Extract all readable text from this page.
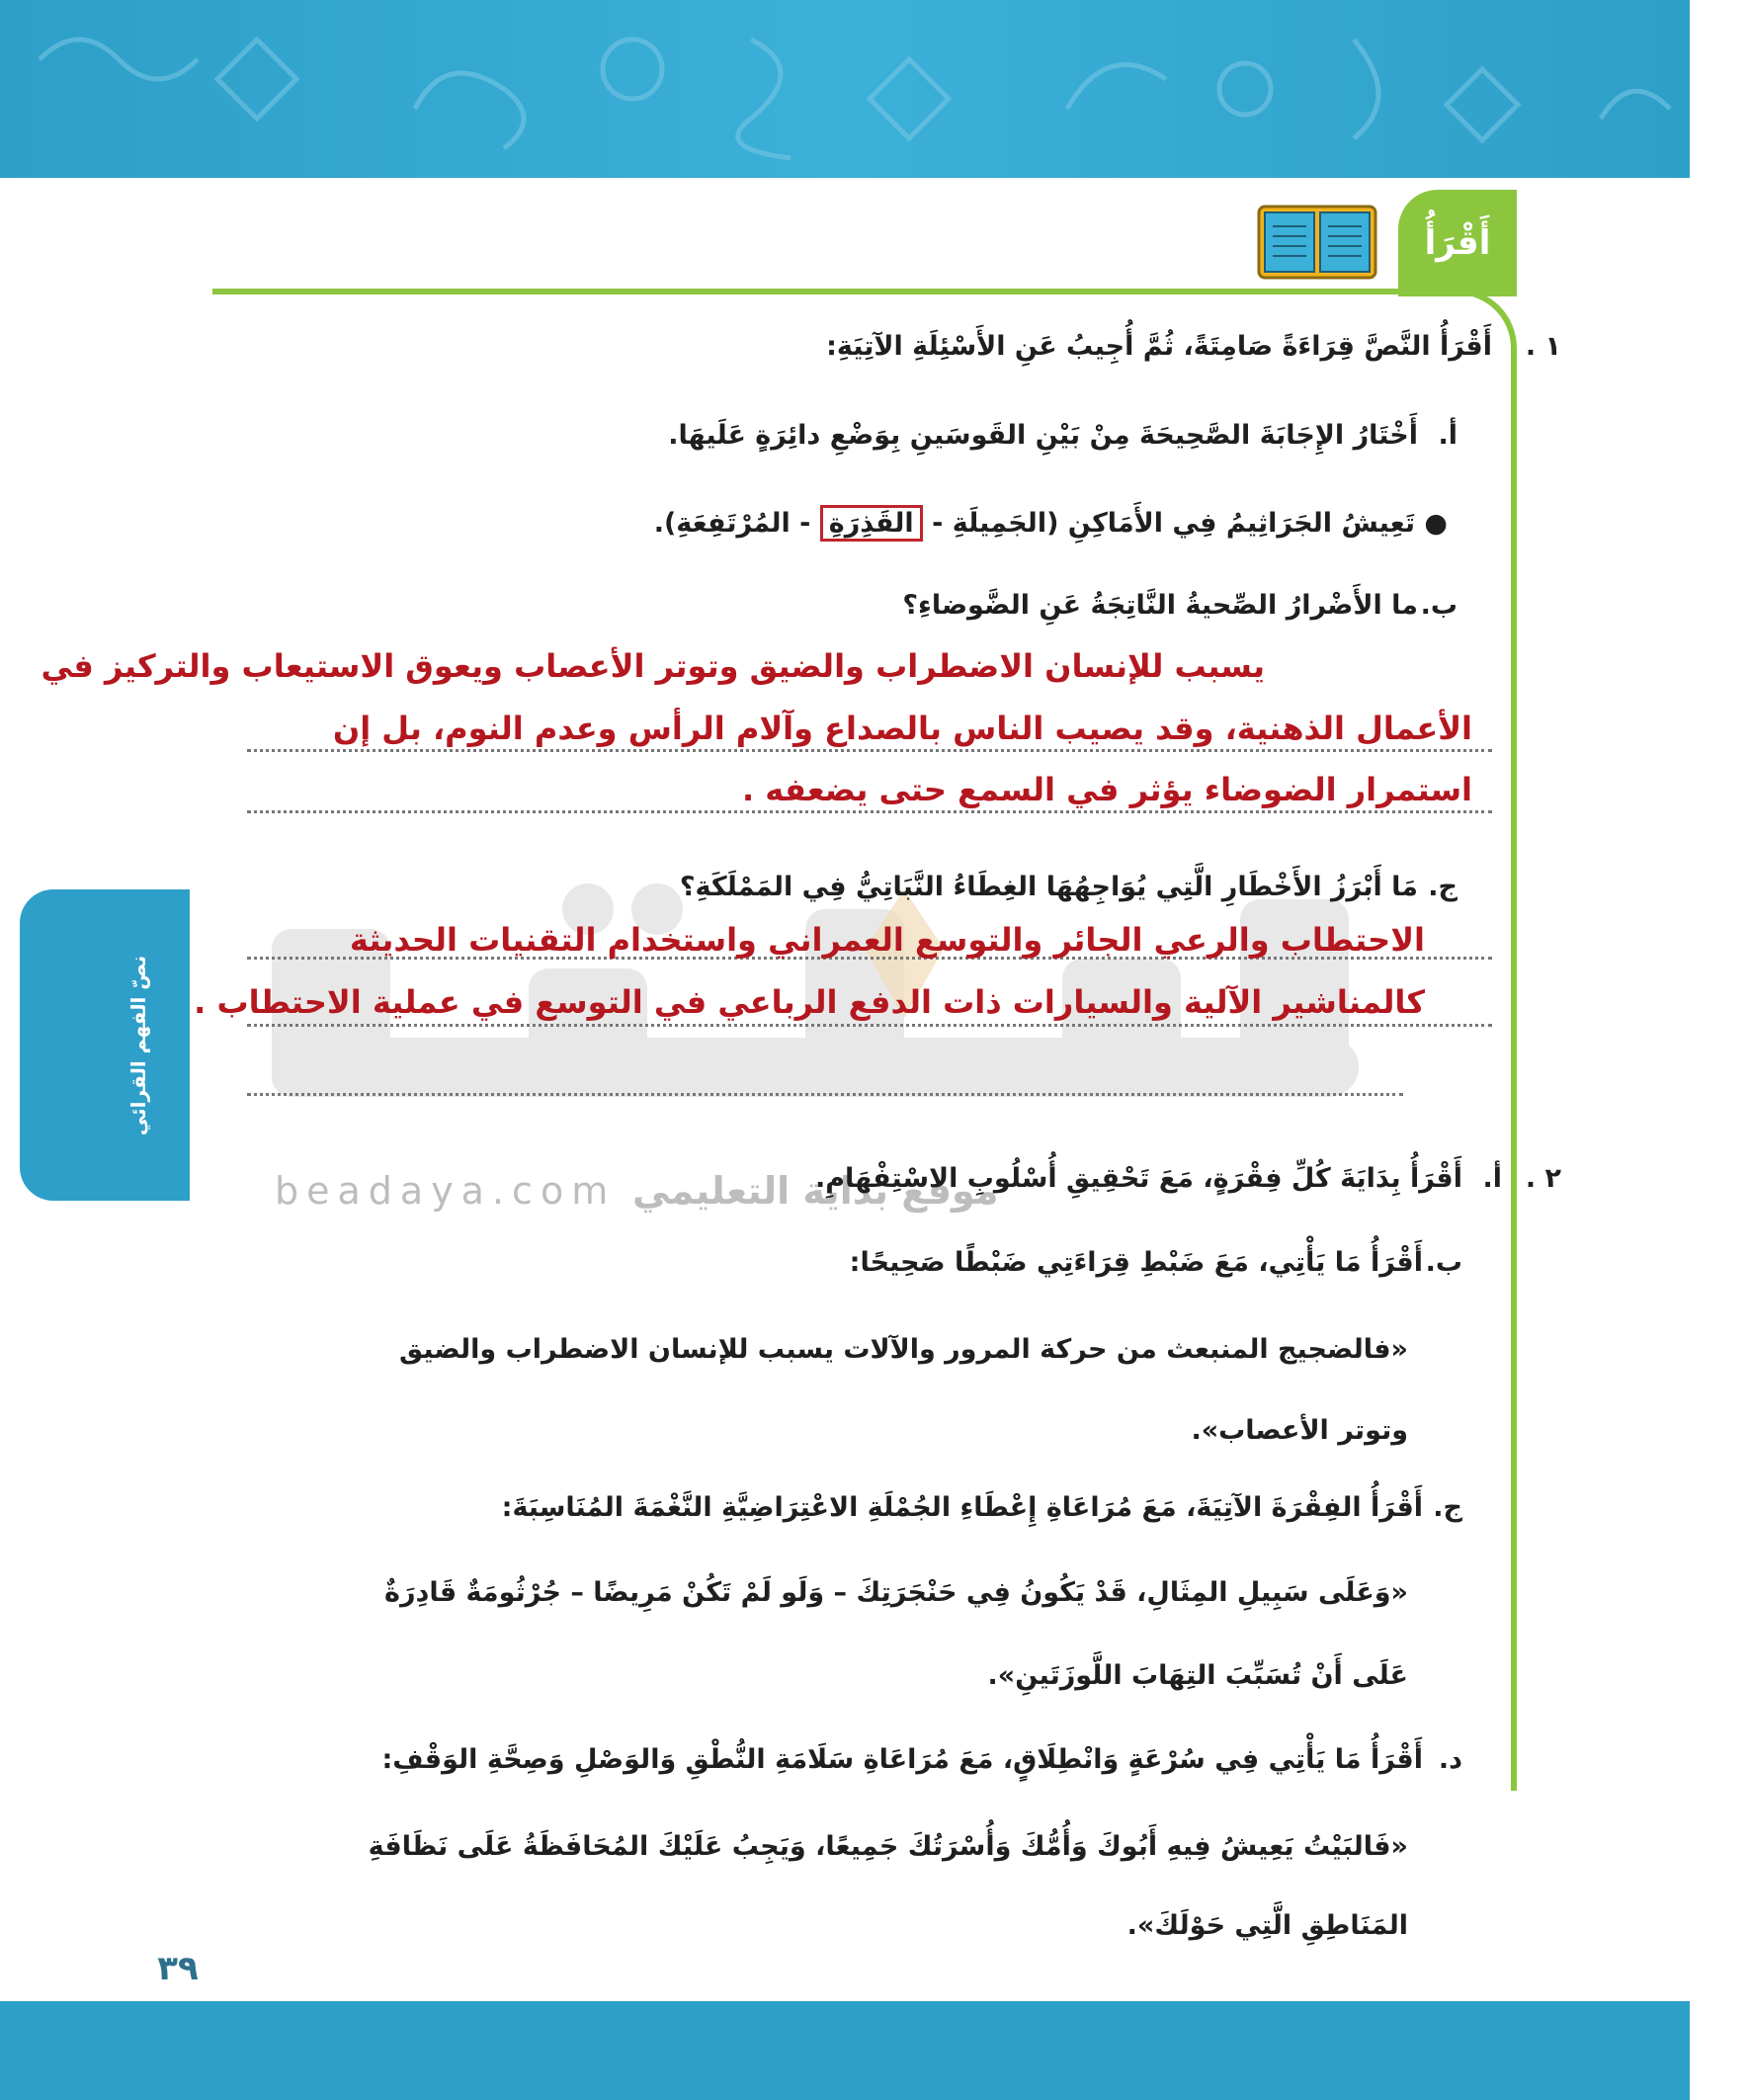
أَقْرَأُ
نصّ الفهم القرائي
beadaya.com موقع بداية التعليمي
١ .
أَقْرَأُ النَّصَّ قِرَاءَةً صَامِتَةً، ثُمَّ أُجِيبُ عَنِ الأَسْئِلَةِ الآتِيَةِ:
أ.
أَخْتَارُ الإِجَابَةَ الصَّحِيحَةَ مِنْ بَيْنِ القَوسَينِ بِوَضْعِ دائِرَةٍ عَلَيهَا.
● تَعِيشُ الجَرَاثِيمُ فِي الأَمَاكِنِ (الجَمِيلَةِ - القَذِرَةِ - المُرْتَفِعَةِ).
ب.
ما الأَضْرارُ الصِّحيةُ النَّاتِجَةُ عَنِ الضَّوضاءِ؟
يسبب للإنسان الاضطراب والضيق وتوتر الأعصاب ويعوق الاستيعاب والتركيز في
الأعمال الذهنية، وقد يصيب الناس بالصداع وآلام الرأس وعدم النوم، بل إن
استمرار الضوضاء يؤثر في السمع حتى يضعفه .
ج.
مَا أَبْرَزُ الأَخْطَارِ الَّتِي يُوَاجِهُهَا الغِطَاءُ النَّبَاتِيُّ فِي المَمْلَكَةِ؟
الاحتطاب والرعي الجائر والتوسع العمراني واستخدام التقنيات الحديثة
كالمناشير الآلية والسيارات ذات الدفع الرباعي في التوسع في عملية الاحتطاب .
٢ .
أ.
أَقْرَأُ بِدَايَةَ كُلِّ فِقْرَةٍ، مَعَ تَحْقِيقِ أُسْلُوبِ الاسْتِفْهَامِ.
ب.
أَقْرَأُ مَا يَأْتِي، مَعَ ضَبْطِ قِرَاءَتِي ضَبْطًا صَحِيحًا:
«فالضجيج المنبعث من حركة المرور والآلات يسبب للإنسان الاضطراب والضيق
وتوتر الأعصاب».
ج.
أَقْرَأُ الفِقْرَةَ الآتِيَةَ، مَعَ مُرَاعَاةِ إِعْطَاءِ الجُمْلَةِ الاعْتِرَاضِيَّةِ النَّغْمَةَ المُنَاسِبَةَ:
«وَعَلَى سَبِيلِ المِثَالِ، قَدْ يَكُونُ فِي حَنْجَرَتِكَ – وَلَو لَمْ تَكُنْ مَرِيضًا – جُرْثُومَةٌ قَادِرَةٌ
عَلَى أَنْ تُسَبِّبَ التِهَابَ اللَّوزَتَينِ».
د.
أَقْرَأُ مَا يَأْتِي فِي سُرْعَةٍ وَانْطِلَاقٍ، مَعَ مُرَاعَاةِ سَلَامَةِ النُّطْقِ وَالوَصْلِ وَصِحَّةِ الوَقْفِ:
«فَالبَيْتُ يَعِيشُ فِيهِ أَبُوكَ وَأُمُّكَ وَأُسْرَتُكَ جَمِيعًا، وَيَجِبُ عَلَيْكَ المُحَافَظَةُ عَلَى نَظَافَةِ
المَنَاطِقِ الَّتِي حَوْلَكَ».
٣٩
